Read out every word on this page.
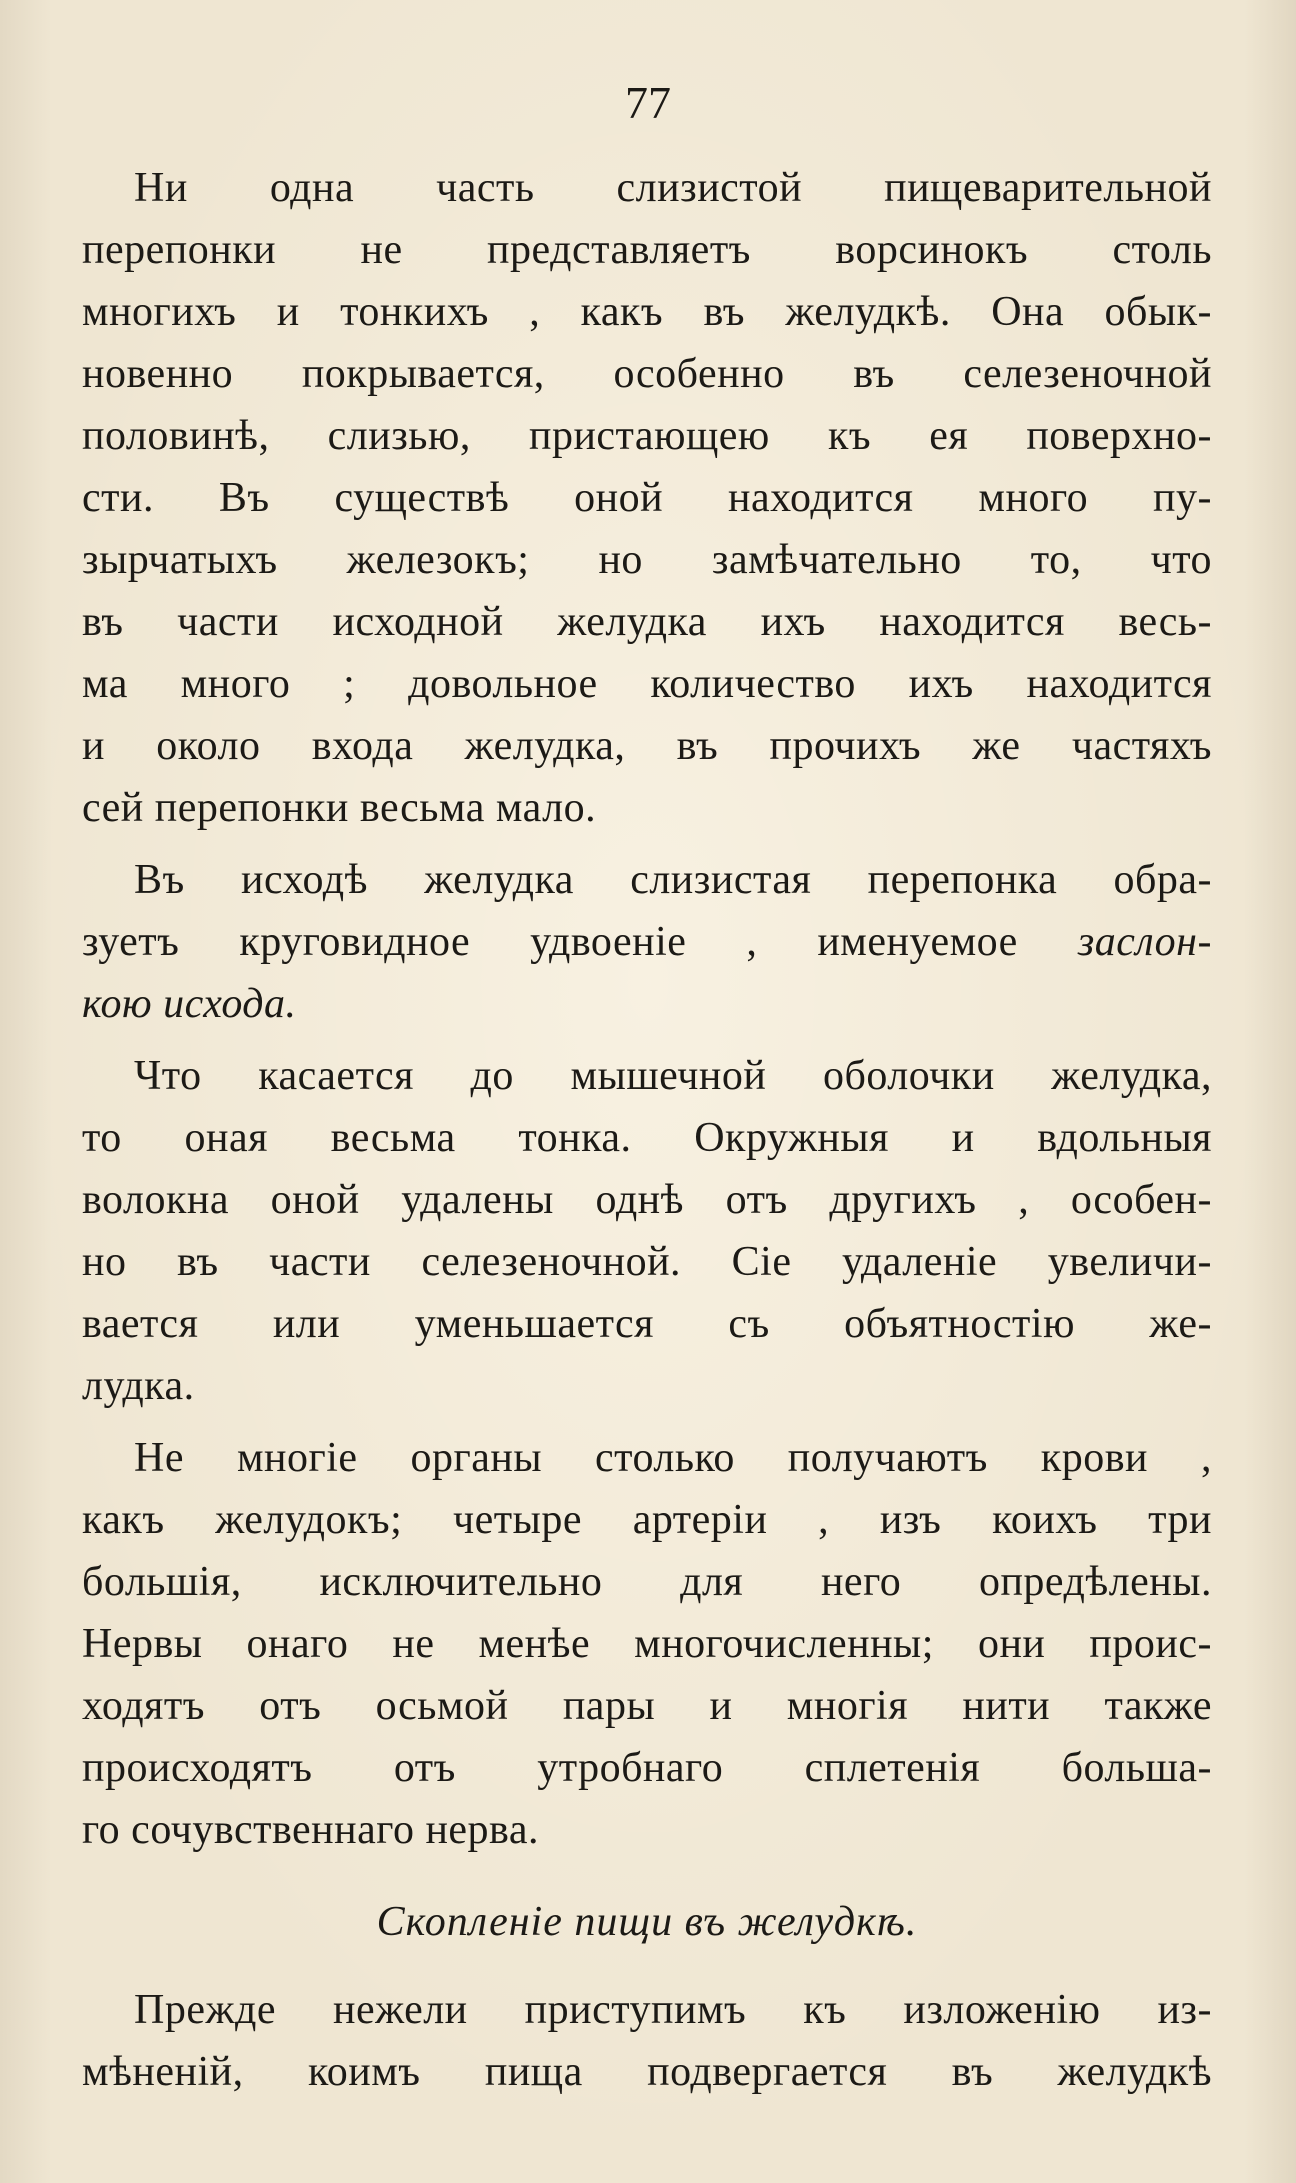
77
Ни одна часть слизистой пищеварительной
перепонки не представляетъ ворсинокъ столь
многихъ и тонкихъ , какъ въ желудкѣ. Она обык-
новенно покрывается, особенно въ селезеночной
половинѣ, слизью, пристающею къ ея поверхно-
сти. Въ существѣ оной находится много пу-
зырчатыхъ железокъ; но замѣчательно то, что
въ части исходной желудка ихъ находится весь-
ма много ; довольное количество ихъ находится
и около входа желудка, въ прочихъ же частяхъ
сей перепонки весьма мало.
Въ исходѣ желудка слизистая перепонка обра-
зуетъ круговидное удвоеніе , именуемое заслон-
кою исхода.
Что касается до мышечной оболочки желудка,
то оная весьма тонка. Окружныя и вдольныя
волокна оной удалены однѣ отъ другихъ , особен-
но въ части селезеночной. Сіе удаленіе увеличи-
вается или уменьшается съ объятностію же-
лудка.
Не многіе органы столько получаютъ крови ,
какъ желудокъ; четыре артеріи , изъ коихъ три
большія, исключительно для него опредѣлены.
Нервы онаго не менѣе многочисленны; они проис-
ходятъ отъ осьмой пары и многія нити также
происходятъ отъ утробнаго сплетенія большa-
го сочувственнаго нерва.
Скопленіе пищи въ желудкѣ.
Прежде нежели приступимъ къ изложенію из-
мѣненій, коимъ пища подвергается въ желудкѣ
